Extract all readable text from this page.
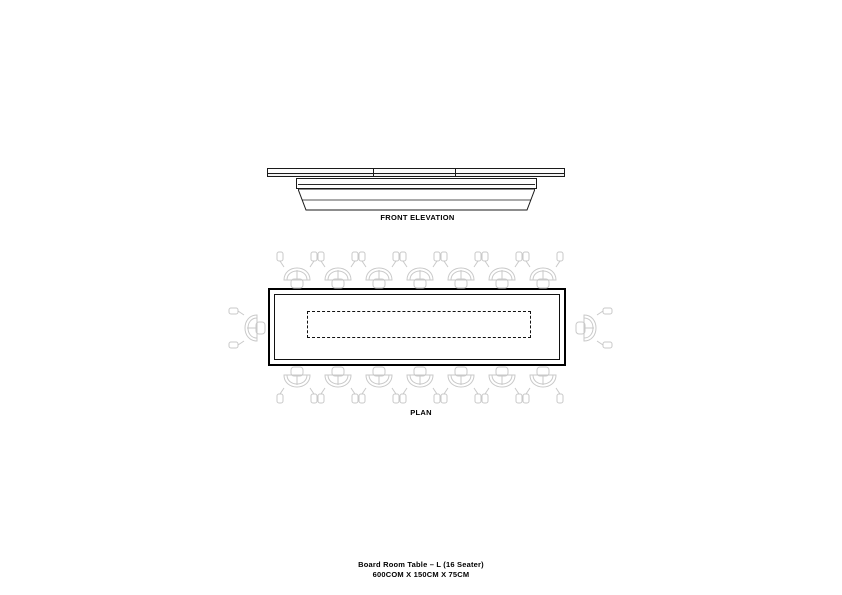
FRONT ELEVATION
PLAN
Board Room Table – L (16 Seater)
600COM X 150CM X 75CM
